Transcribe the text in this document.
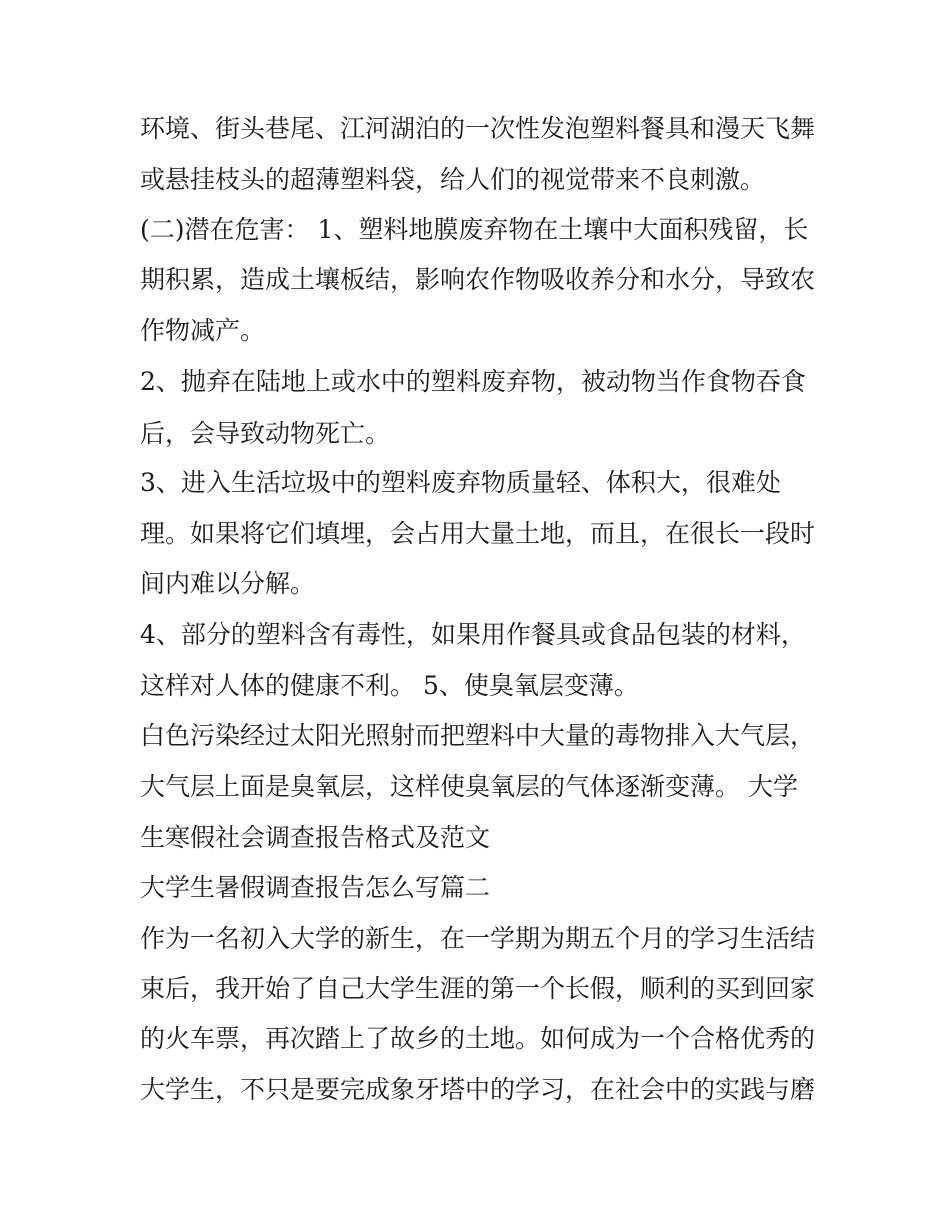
环境、街头巷尾、江河湖泊的一次性发泡塑料餐具和漫天飞舞
或悬挂枝头的超薄塑料袋，给人们的视觉带来不良刺激。
(二)潜在危害： 1、塑料地膜废弃物在土壤中大面积残留，长
期积累，造成土壤板结，影响农作物吸收养分和水分，导致农
作物减产。
2、抛弃在陆地上或水中的塑料废弃物，被动物当作食物吞食
后，会导致动物死亡。
3、进入生活垃圾中的塑料废弃物质量轻、体积大，很难处
理。如果将它们填埋，会占用大量土地，而且，在很长一段时
间内难以分解。
4、部分的塑料含有毒性，如果用作餐具或食品包装的材料，
这样对人体的健康不利。 5、使臭氧层变薄。
白色污染经过太阳光照射而把塑料中大量的毒物排入大气层，
大气层上面是臭氧层，这样使臭氧层的气体逐渐变薄。 大学
生寒假社会调查报告格式及范文
大学生暑假调查报告怎么写篇二
作为一名初入大学的新生，在一学期为期五个月的学习生活结
束后，我开始了自己大学生涯的第一个长假，顺利的买到回家
的火车票，再次踏上了故乡的土地。如何成为一个合格优秀的
大学生，不只是要完成象牙塔中的学习，在社会中的实践与磨
